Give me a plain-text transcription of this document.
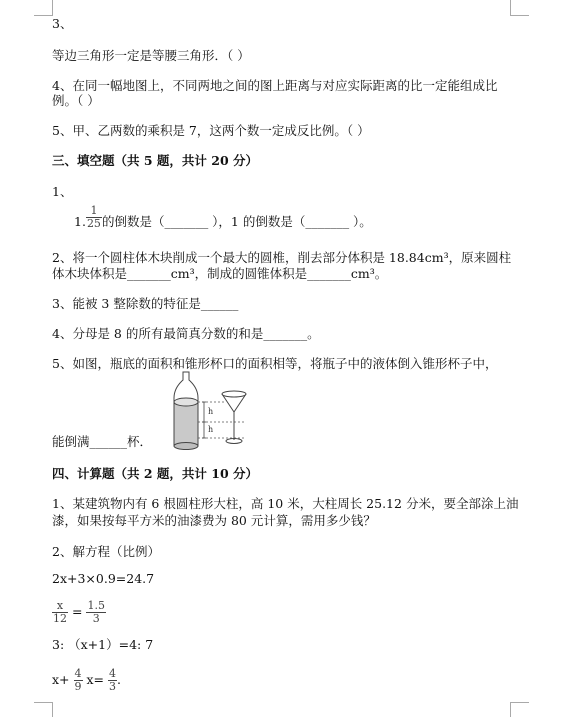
3、
等边三角形一定是等腰三角形．（ ）
4、在同一幅地图上，不同两地之间的图上距离与对应实际距离的比一定能组成比
例。（ ）
5、甲、乙两数的乘积是 7，这两个数一定成反比例。（ ）
三、填空题（共 5 题，共计 20 分）
1、
1. $\frac{1}{25}$ 的倒数是（_______ ），1 的倒数是（_______ ）。
2、将一个圆柱体木块削成一个最大的圆椎，削去部分体积是 18.84cm³，原来圆柱
体木块体积是_______cm³，制成的圆锥体积是_______cm³。
3、能被 3 整除数的特征是______
4、分母是 8 的所有最简真分数的和是_______。
5、如图，瓶底的面积和锥形杯口的面积相等，将瓶子中的液体倒入锥形杯子中，
h
h
能倒满______杯．
四、计算题（共 2 题，共计 10 分）
1、某建筑物内有 6 根圆柱形大柱，高 10 米，大柱周长 25.12 分米，要全部涂上油
漆，如果按每平方米的油漆费为 80 元计算，需用多少钱？
2、解方程（比例）
2x+3×0.9=24.7
$\frac{x}{12} = \frac{1.5}{3}$
3: （x+1）=4: 7
$x+ \frac{4}{9} x= \frac{4}{3}$ .
